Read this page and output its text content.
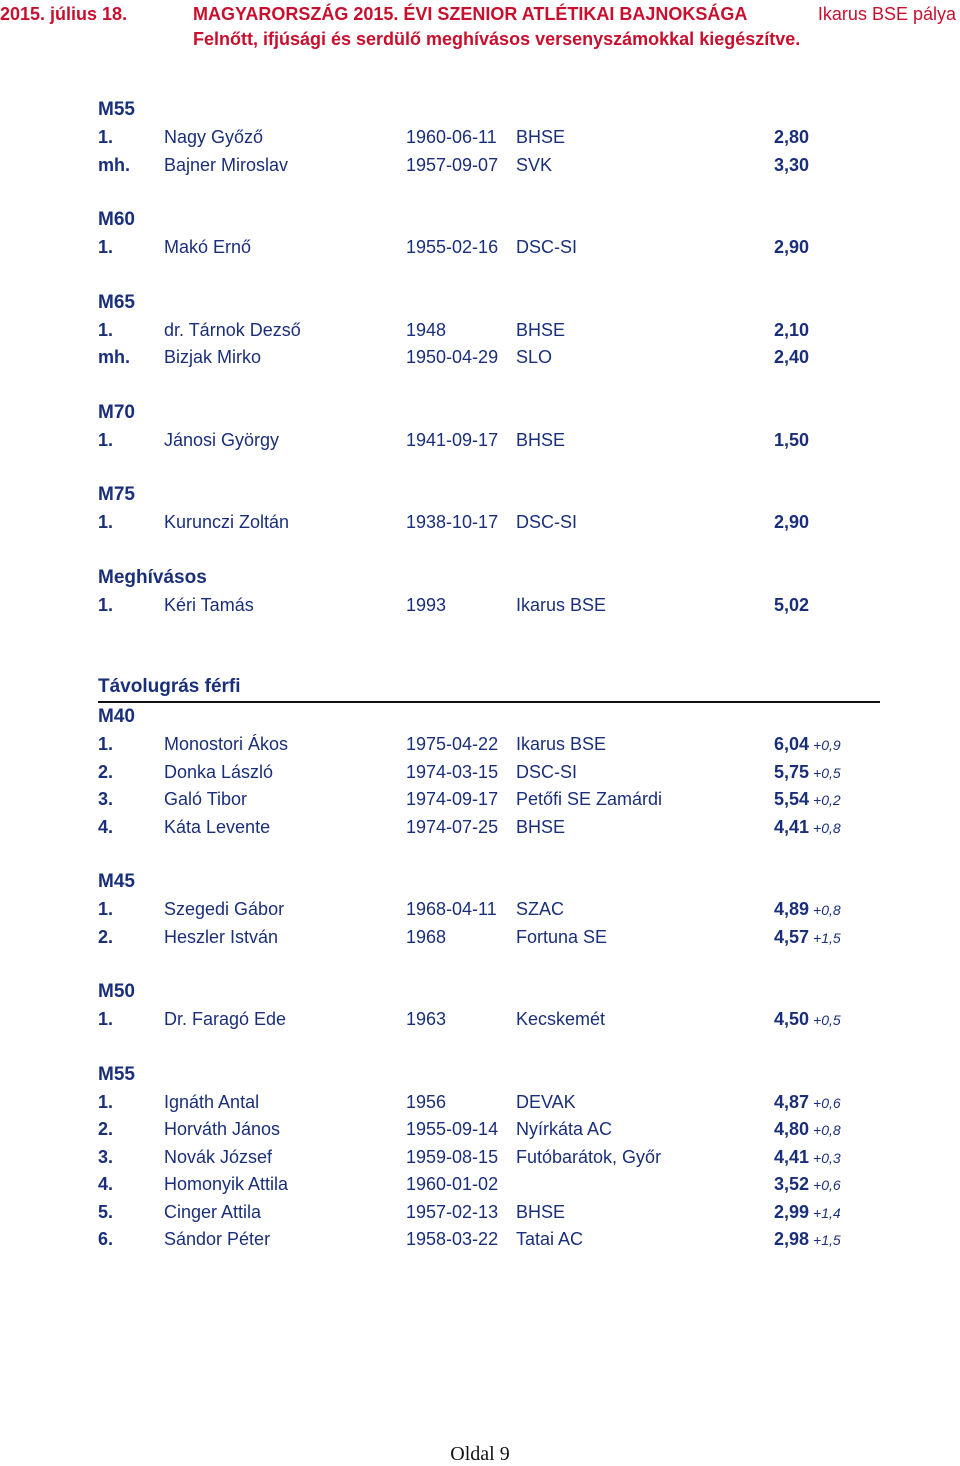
2015. július 18.	MAGYARORSZÁG 2015. ÉVI SZENIOR ATLÉTIKAI BAJNOKSÁGA	Ikarus BSE pálya
Felnőtt, ifjúsági és serdülő meghívásos versenyszámokkal kiegészítve.
M55
1.	Nagy Győző	1960-06-11 BHSE	2,80
mh. Bajner Miroslav	1957-09-07 SVK	3,30
M60
1.	Makó Ernő	1955-02-16 DSC-SI	2,90
M65
1.	dr. Tárnok Dezső	1948	BHSE	2,10
mh. Bizjak Mirko	1950-04-29 SLO	2,40
M70
1.	Jánosi György	1941-09-17 BHSE	1,50
M75
1.	Kurunczi Zoltán	1938-10-17 DSC-SI	2,90
Meghívásos
1.	Kéri Tamás	1993	Ikarus BSE	5,02
Távolugrás férfi
M40
1.	Monostori Ákos	1975-04-22 Ikarus BSE	6,04 +0,9
2.	Donka László	1974-03-15 DSC-SI	5,75 +0,5
3.	Galó Tibor	1974-09-17 Petőfi SE Zamárdi	5,54 +0,2
4.	Káta Levente	1974-07-25 BHSE	4,41 +0,8
M45
1.	Szegedi Gábor	1968-04-11 SZAC	4,89 +0,8
2.	Heszler István	1968	Fortuna SE	4,57 +1,5
M50
1.	Dr. Faragó Ede	1963	Kecskemét	4,50 +0,5
M55
1.	Ignáth Antal	1956	DEVAK	4,87 +0,6
2.	Horváth János	1955-09-14 Nyírkáta AC	4,80 +0,8
3.	Novák József	1959-08-15 Futóbarátok, Győr	4,41 +0,3
4.	Homonyik Attila	1960-01-02	3,52 +0,6
5.	Cinger Attila	1957-02-13 BHSE	2,99 +1,4
6.	Sándor Péter	1958-03-22 Tatai AC	2,98 +1,5
Oldal 9
